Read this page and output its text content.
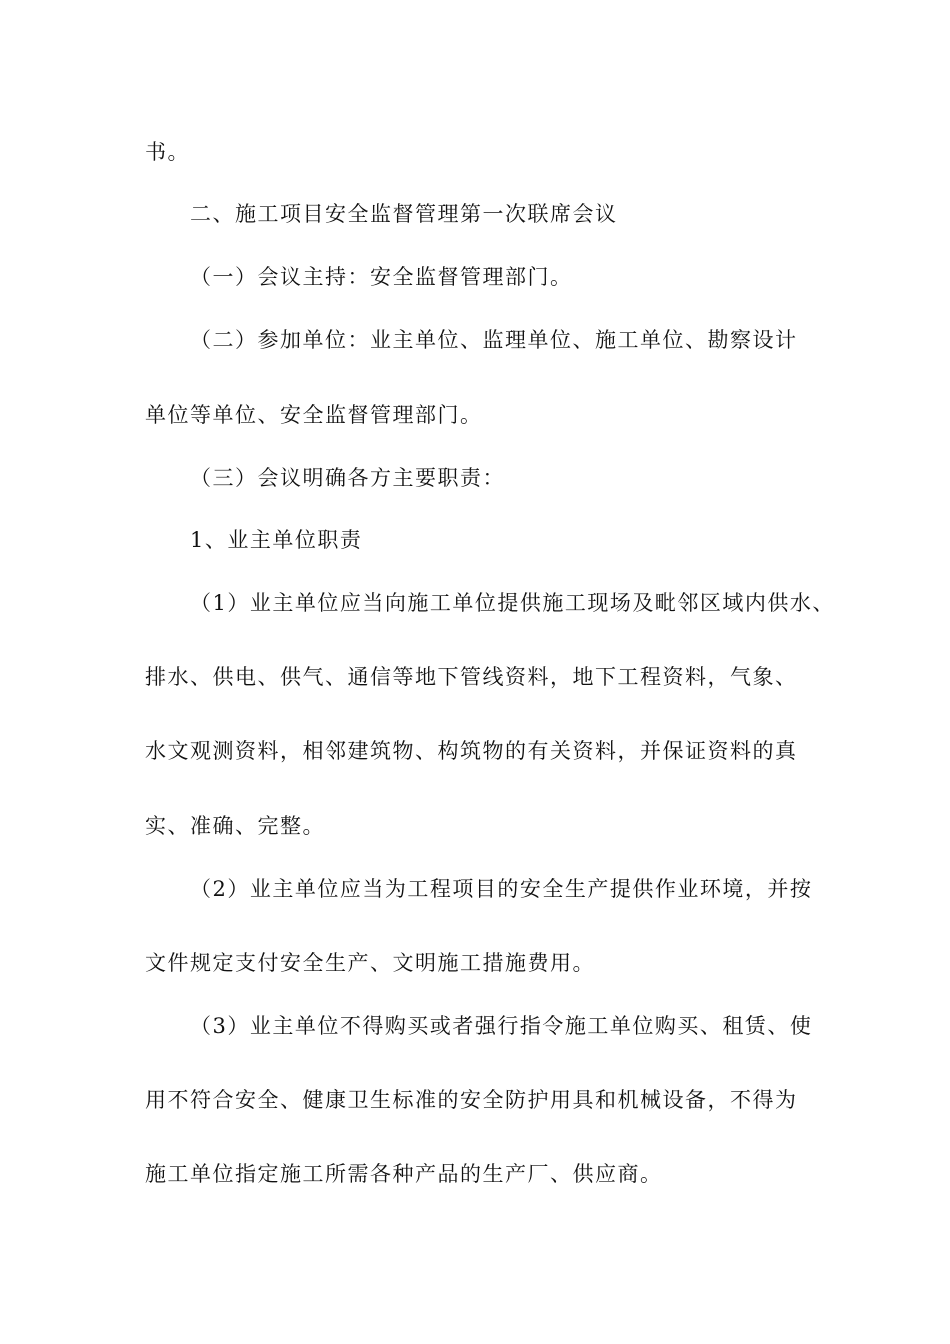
书。
二、施工项目安全监督管理第一次联席会议
（一）会议主持：安全监督管理部门。
（二）参加单位：业主单位、监理单位、施工单位、勘察设计
单位等单位、安全监督管理部门。
（三）会议明确各方主要职责：
1、业主单位职责
（1）业主单位应当向施工单位提供施工现场及毗邻区域内供水、
排水、供电、供气、通信等地下管线资料，地下工程资料，气象、
水文观测资料，相邻建筑物、构筑物的有关资料，并保证资料的真
实、准确、完整。
（2）业主单位应当为工程项目的安全生产提供作业环境，并按
文件规定支付安全生产、文明施工措施费用。
（3）业主单位不得购买或者强行指令施工单位购买、租赁、使
用不符合安全、健康卫生标准的安全防护用具和机械设备，不得为
施工单位指定施工所需各种产品的生产厂、供应商。
